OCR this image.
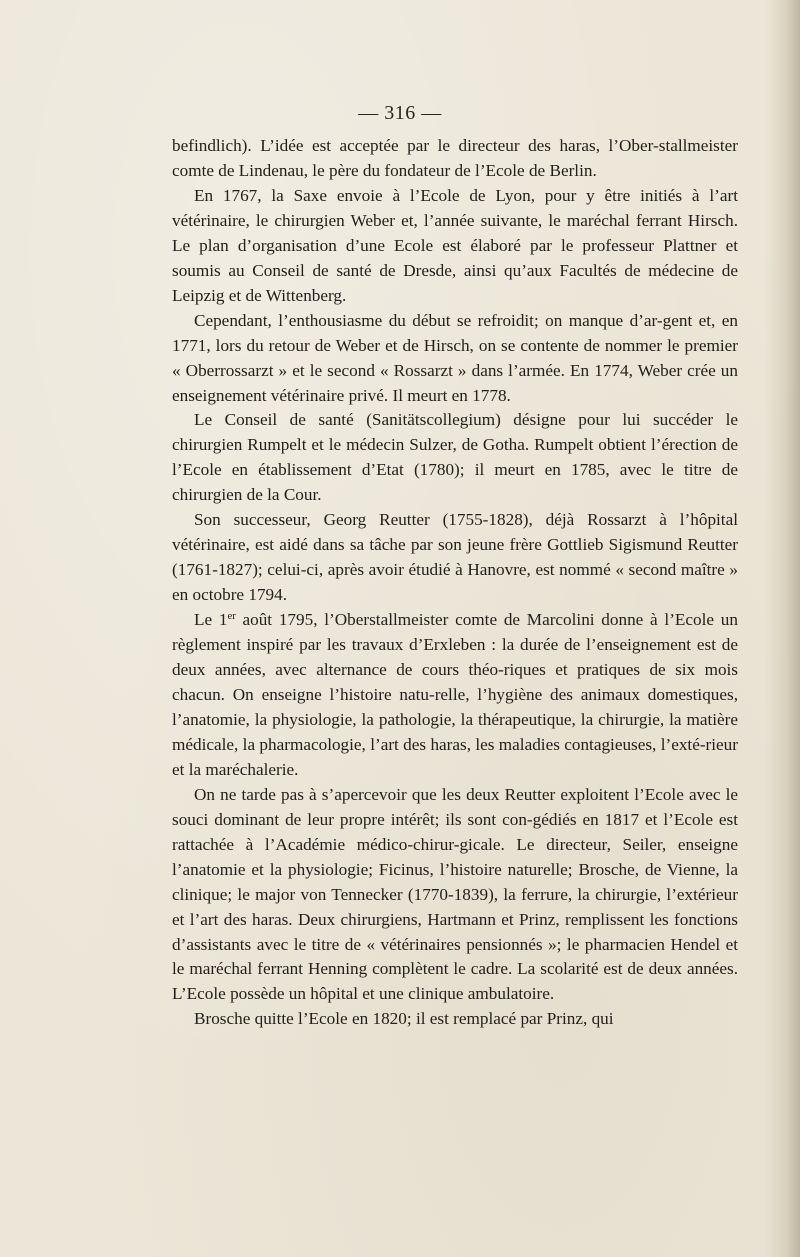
— 316 —

befindlich). L’idée est acceptée par le directeur des haras, l’Ober-stallmeister comte de Lindenau, le père du fondateur de l’Ecole de Berlin.

En 1767, la Saxe envoie à l’Ecole de Lyon, pour y être initiés à l’art vétérinaire, le chirurgien Weber et, l’année suivante, le maréchal ferrant Hirsch. Le plan d’organisation d’une Ecole est élaboré par le professeur Plattner et soumis au Conseil de santé de Dresde, ainsi qu’aux Facultés de médecine de Leipzig et de Wittenberg.

Cependant, l’enthousiasme du début se refroidit; on manque d’ar-gent et, en 1771, lors du retour de Weber et de Hirsch, on se contente de nommer le premier « Oberrossarzt » et le second « Rossarzt » dans l’armée. En 1774, Weber crée un enseignement vétérinaire privé. Il meurt en 1778.

Le Conseil de santé (Sanitätscollegium) désigne pour lui succéder le chirurgien Rumpelt et le médecin Sulzer, de Gotha. Rumpelt obtient l’érection de l’Ecole en établissement d’Etat (1780); il meurt en 1785, avec le titre de chirurgien de la Cour.

Son successeur, Georg Reutter (1755-1828), déjà Rossarzt à l’hôpital vétérinaire, est aidé dans sa tâche par son jeune frère Gottlieb Sigismund Reutter (1761-1827); celui-ci, après avoir étudié à Hanovre, est nommé « second maître » en octobre 1794.

Le 1er août 1795, l’Oberstallmeister comte de Marcolini donne à l’Ecole un règlement inspiré par les travaux d’Erxleben : la durée de l’enseignement est de deux années, avec alternance de cours théo-riques et pratiques de six mois chacun. On enseigne l’histoire natu-relle, l’hygiène des animaux domestiques, l’anatomie, la physiologie, la pathologie, la thérapeutique, la chirurgie, la matière médicale, la pharmacologie, l’art des haras, les maladies contagieuses, l’exté-rieur et la maréchalerie.

On ne tarde pas à s’apercevoir que les deux Reutter exploitent l’Ecole avec le souci dominant de leur propre intérêt; ils sont con-gédiés en 1817 et l’Ecole est rattachée à l’Académie médico-chirur-gicale. Le directeur, Seiler, enseigne l’anatomie et la physiologie; Ficinus, l’histoire naturelle; Brosche, de Vienne, la clinique; le major von Tennecker (1770-1839), la ferrure, la chirurgie, l’extérieur et l’art des haras. Deux chirurgiens, Hartmann et Prinz, remplissent les fonctions d’assistants avec le titre de « vétérinaires pensionnés »; le pharmacien Hendel et le maréchal ferrant Henning complètent le cadre. La scolarité est de deux années. L’Ecole possède un hôpital et une clinique ambulatoire.

Brosche quitte l’Ecole en 1820; il est remplacé par Prinz, qui
